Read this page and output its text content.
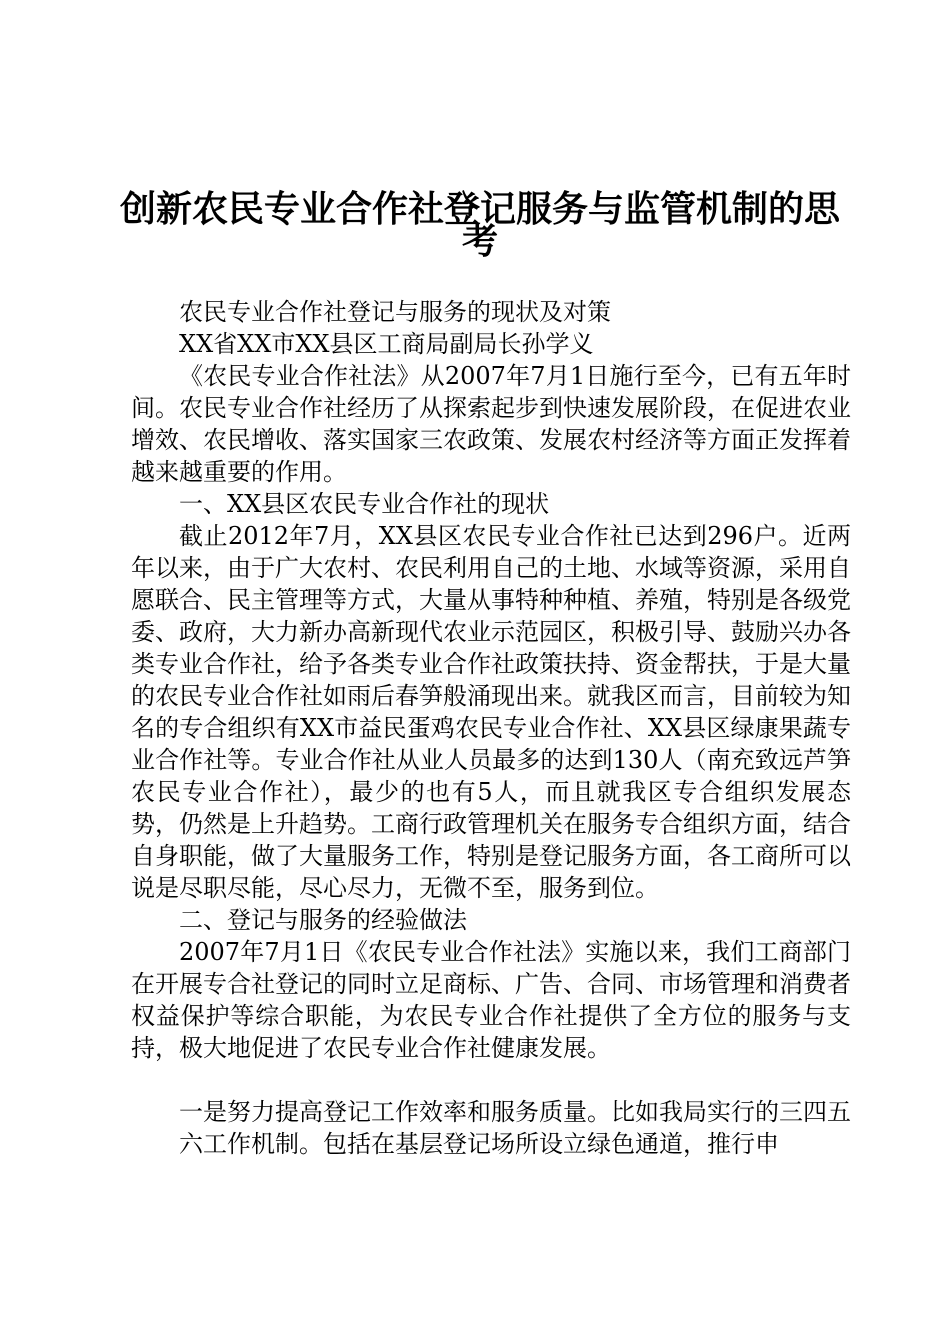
创新农民专业合作社登记服务与监管机制的思
考

农民专业合作社登记与服务的现状及对策

XX省XX市XX县区工商局副局长孙学义

《农民专业合作社法》从2007年7月1日施行至今，已有五年时间。农民专业合作社经历了从探索起步到快速发展阶段，在促进农业增效、农民增收、落实国家三农政策、发展农村经济等方面正发挥着越来越重要的作用。

一、XX县区农民专业合作社的现状

截止2012年7月，XX县区农民专业合作社已达到296户。近两年以来，由于广大农村、农民利用自己的土地、水域等资源，采用自愿联合、民主管理等方式，大量从事特种种植、养殖，特别是各级党委、政府，大力新办高新现代农业示范园区，积极引导、鼓励兴办各类专业合作社，给予各类专业合作社政策扶持、资金帮扶，于是大量的农民专业合作社如雨后春笋般涌现出来。就我区而言，目前较为知名的专合组织有XX市益民蛋鸡农民专业合作社、XX县区绿康果蔬专业合作社等。专业合作社从业人员最多的达到130人（南充致远芦笋农民专业合作社），最少的也有5人，而且就我区专合组织发展态势，仍然是上升趋势。工商行政管理机关在服务专合组织方面，结合自身职能，做了大量服务工作，特别是登记服务方面，各工商所可以说是尽职尽能，尽心尽力，无微不至，服务到位。

二、登记与服务的经验做法

2007年7月1日《农民专业合作社法》实施以来，我们工商部门在开展专合社登记的同时立足商标、广告、合同、市场管理和消费者权益保护等综合职能，为农民专业合作社提供了全方位的服务与支持，极大地促进了农民专业合作社健康发展。

一是努力提高登记工作效率和服务质量。比如我局实行的三四五

六工作机制。包括在基层登记场所设立绿色通道，推行申
